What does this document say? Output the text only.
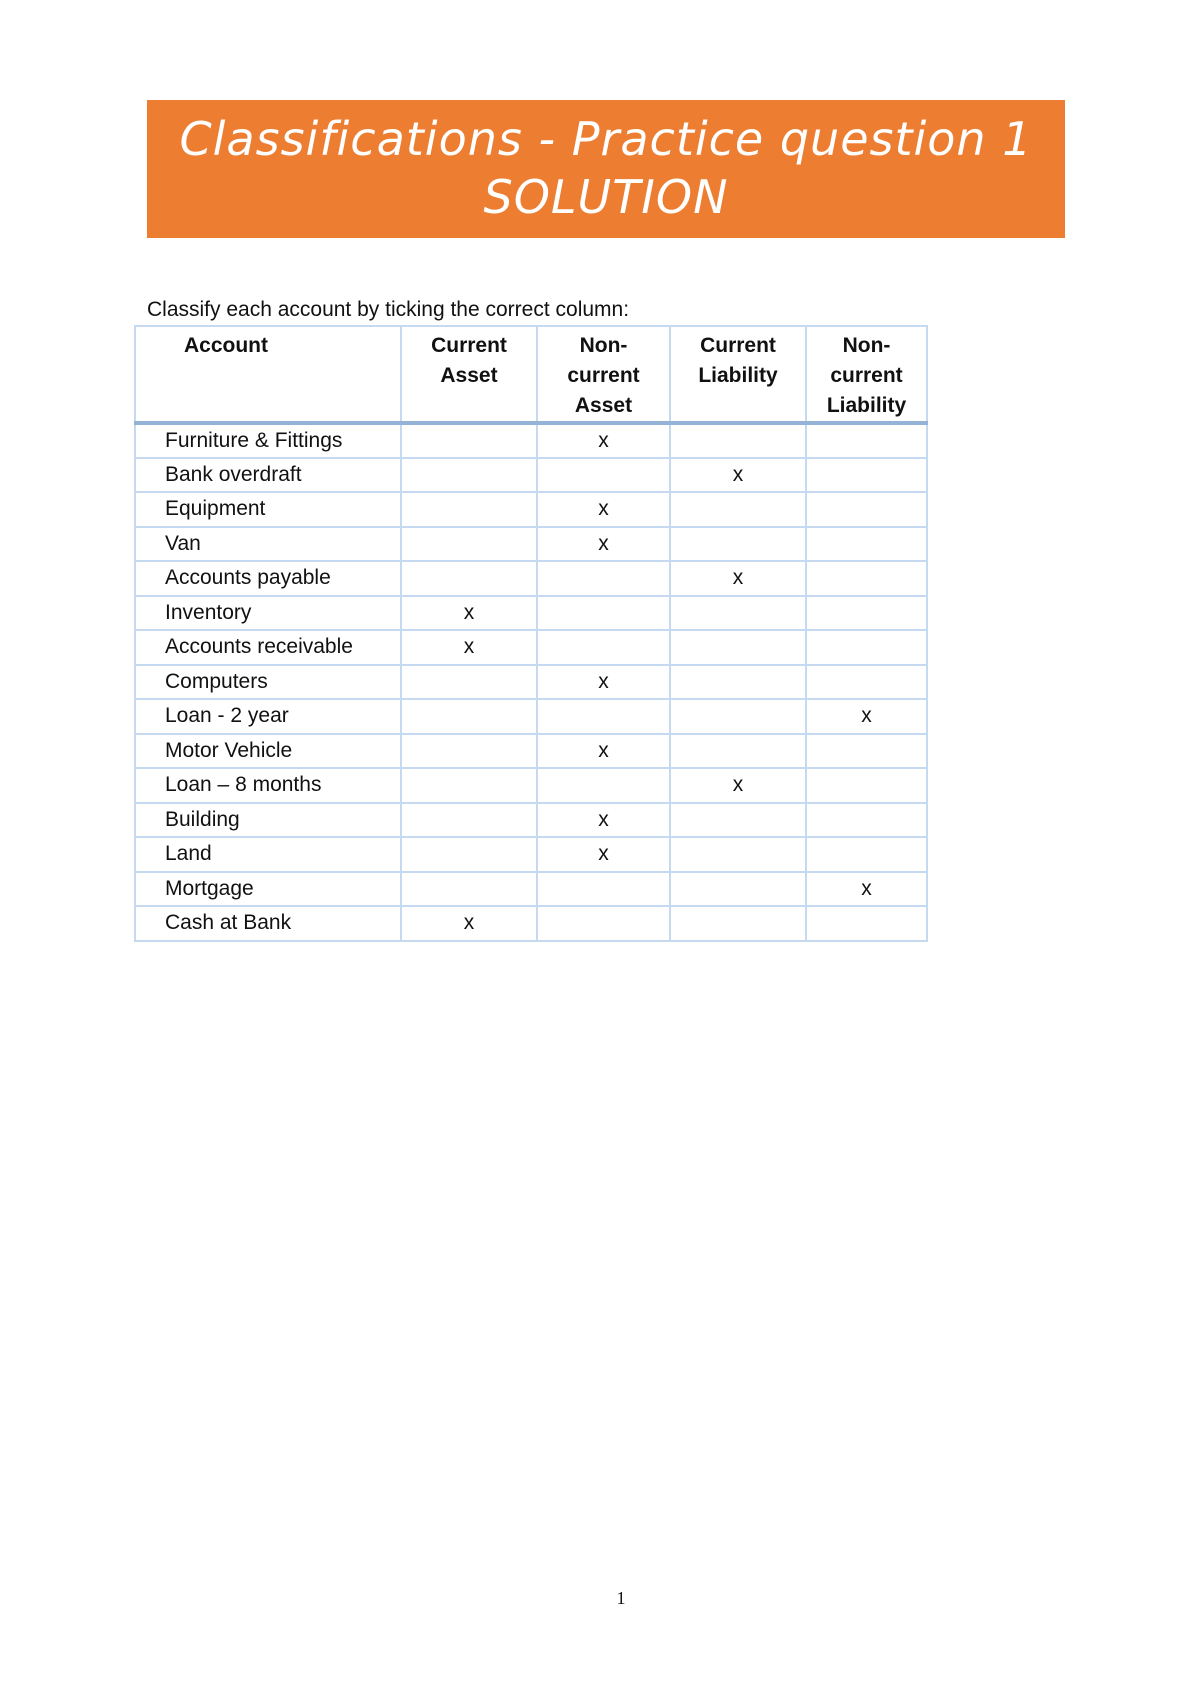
Classifications - Practice question 1
SOLUTION
Classify each account by ticking the correct column:
Account	Current Asset	Non-current Asset	Current Liability	Non-current Liability
Furniture & Fittings		x		
Bank overdraft			x	
Equipment		x		
Van		x		
Accounts payable			x	
Inventory	x			
Accounts receivable	x			
Computers		x		
Loan - 2 year				x
Motor Vehicle		x		
Loan – 8 months			x	
Building		x		
Land		x		
Mortgage				x
Cash at Bank	x			
1
